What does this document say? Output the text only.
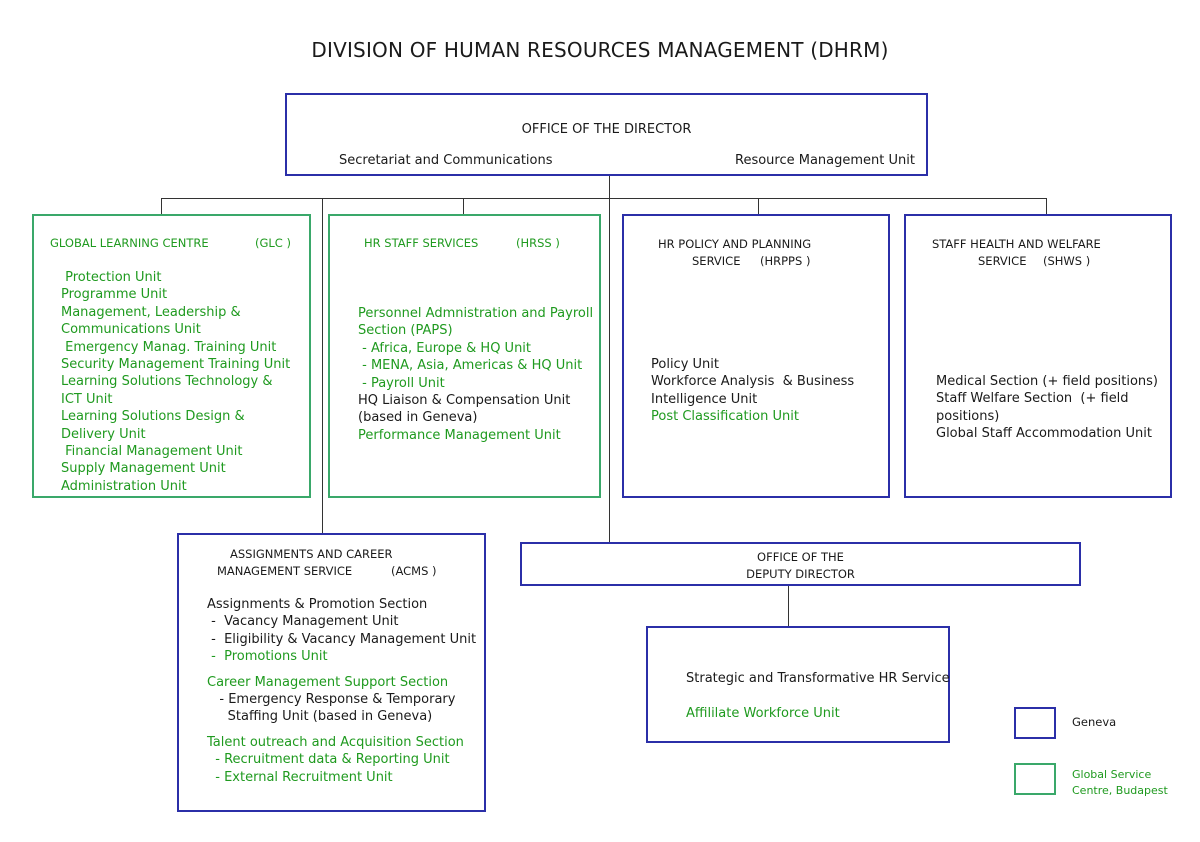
DIVISION OF HUMAN RESOURCES MANAGEMENT (DHRM)
OFFICE OF THE DIRECTOR
Secretariat and Communications	Resource Management Unit
GLOBAL LEARNING CENTRE	(GLC )
Protection Unit
Programme Unit
Management, Leadership &
Communications Unit
Emergency Manag. Training Unit
Security Management Training Unit
Learning Solutions Technology &
ICT Unit
Learning Solutions Design &
Delivery Unit
Financial Management Unit
Supply Management Unit
Administration Unit
HR STAFF SERVICES	(HRSS )
Personnel Admnistration and Payroll
Section (PAPS)
- Africa, Europe & HQ Unit
- MENA, Asia, Americas & HQ Unit
- Payroll Unit
HQ Liaison & Compensation Unit
(based in Geneva)
Performance Management Unit
HR POLICY AND PLANNING
SERVICE (HRPPS )
Policy Unit
Workforce Analysis  & Business
Intelligence Unit
Post Classification Unit
STAFF HEALTH AND WELFARE
SERVICE (SHWS )
Medical Section (+ field positions)
Staff Welfare Section  (+ field
positions)
Global Staff Accommodation Unit
ASSIGNMENTS AND CAREER
MANAGEMENT SERVICE	(ACMS )
Assignments & Promotion Section
-  Vacancy Management Unit
-  Eligibility & Vacancy Management Unit
-  Promotions Unit

Career Management Support Section
- Emergency Response & Temporary
Staffing Unit (based in Geneva)

Talent outreach and Acquisition Section
- Recruitment data & Reporting Unit
- External Recruitment Unit
OFFICE OF THE
DEPUTY DIRECTOR
Strategic and Transformative HR Service
Affililate Workforce Unit
Geneva
Global Service
Centre, Budapest
